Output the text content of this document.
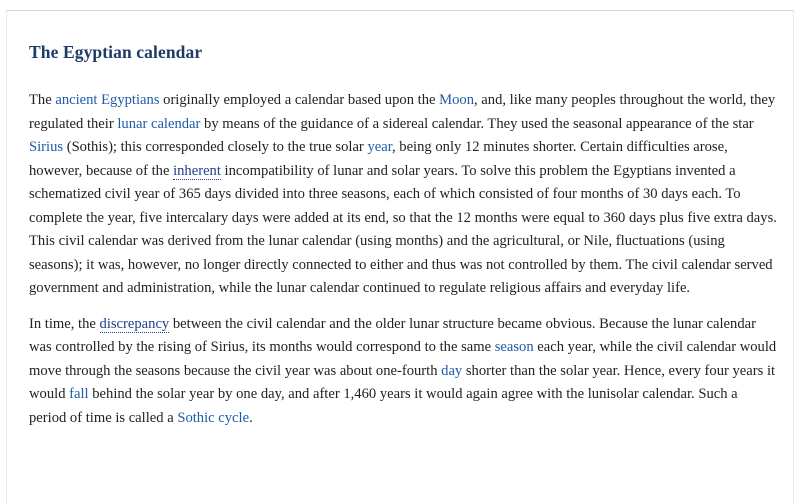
The Egyptian calendar

The ancient Egyptians originally employed a calendar based upon the Moon, and, like many peoples throughout the world, they regulated their lunar calendar by means of the guidance of a sidereal calendar. They used the seasonal appearance of the star Sirius (Sothis); this corresponded closely to the true solar year, being only 12 minutes shorter. Certain difficulties arose, however, because of the inherent incompatibility of lunar and solar years. To solve this problem the Egyptians invented a schematized civil year of 365 days divided into three seasons, each of which consisted of four months of 30 days each. To complete the year, five intercalary days were added at its end, so that the 12 months were equal to 360 days plus five extra days. This civil calendar was derived from the lunar calendar (using months) and the agricultural, or Nile, fluctuations (using seasons); it was, however, no longer directly connected to either and thus was not controlled by them. The civil calendar served government and administration, while the lunar calendar continued to regulate religious affairs and everyday life.

In time, the discrepancy between the civil calendar and the older lunar structure became obvious. Because the lunar calendar was controlled by the rising of Sirius, its months would correspond to the same season each year, while the civil calendar would move through the seasons because the civil year was about one-fourth day shorter than the solar year. Hence, every four years it would fall behind the solar year by one day, and after 1,460 years it would again agree with the lunisolar calendar. Such a period of time is called a Sothic cycle.
